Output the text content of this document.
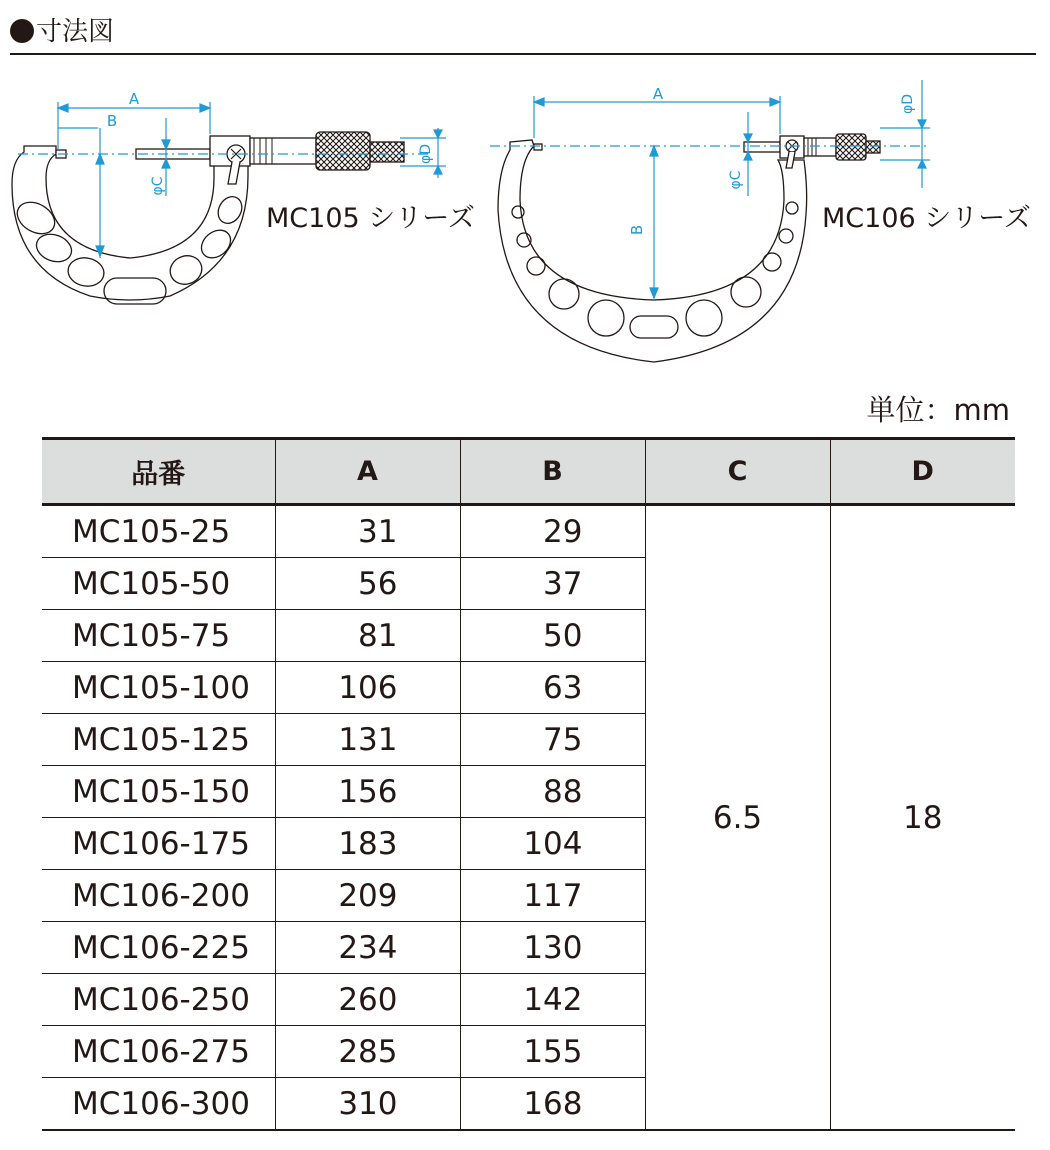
寸法図
A
B
φC
φD
A
B
φC
φD
MC105 シリーズ	MC106 シリーズ
単位：mm
品番	A	B	C	D
MC105-25	31	29	6.5	18
MC105-50	56	37		
MC105-75	81	50		
MC105-100	106	63		
MC105-125	131	75		
MC105-150	156	88		
MC106-175	183	104		
MC106-200	209	117		
MC106-225	234	130		
MC106-250	260	142		
MC106-275	285	155		
MC106-300	310	168		
